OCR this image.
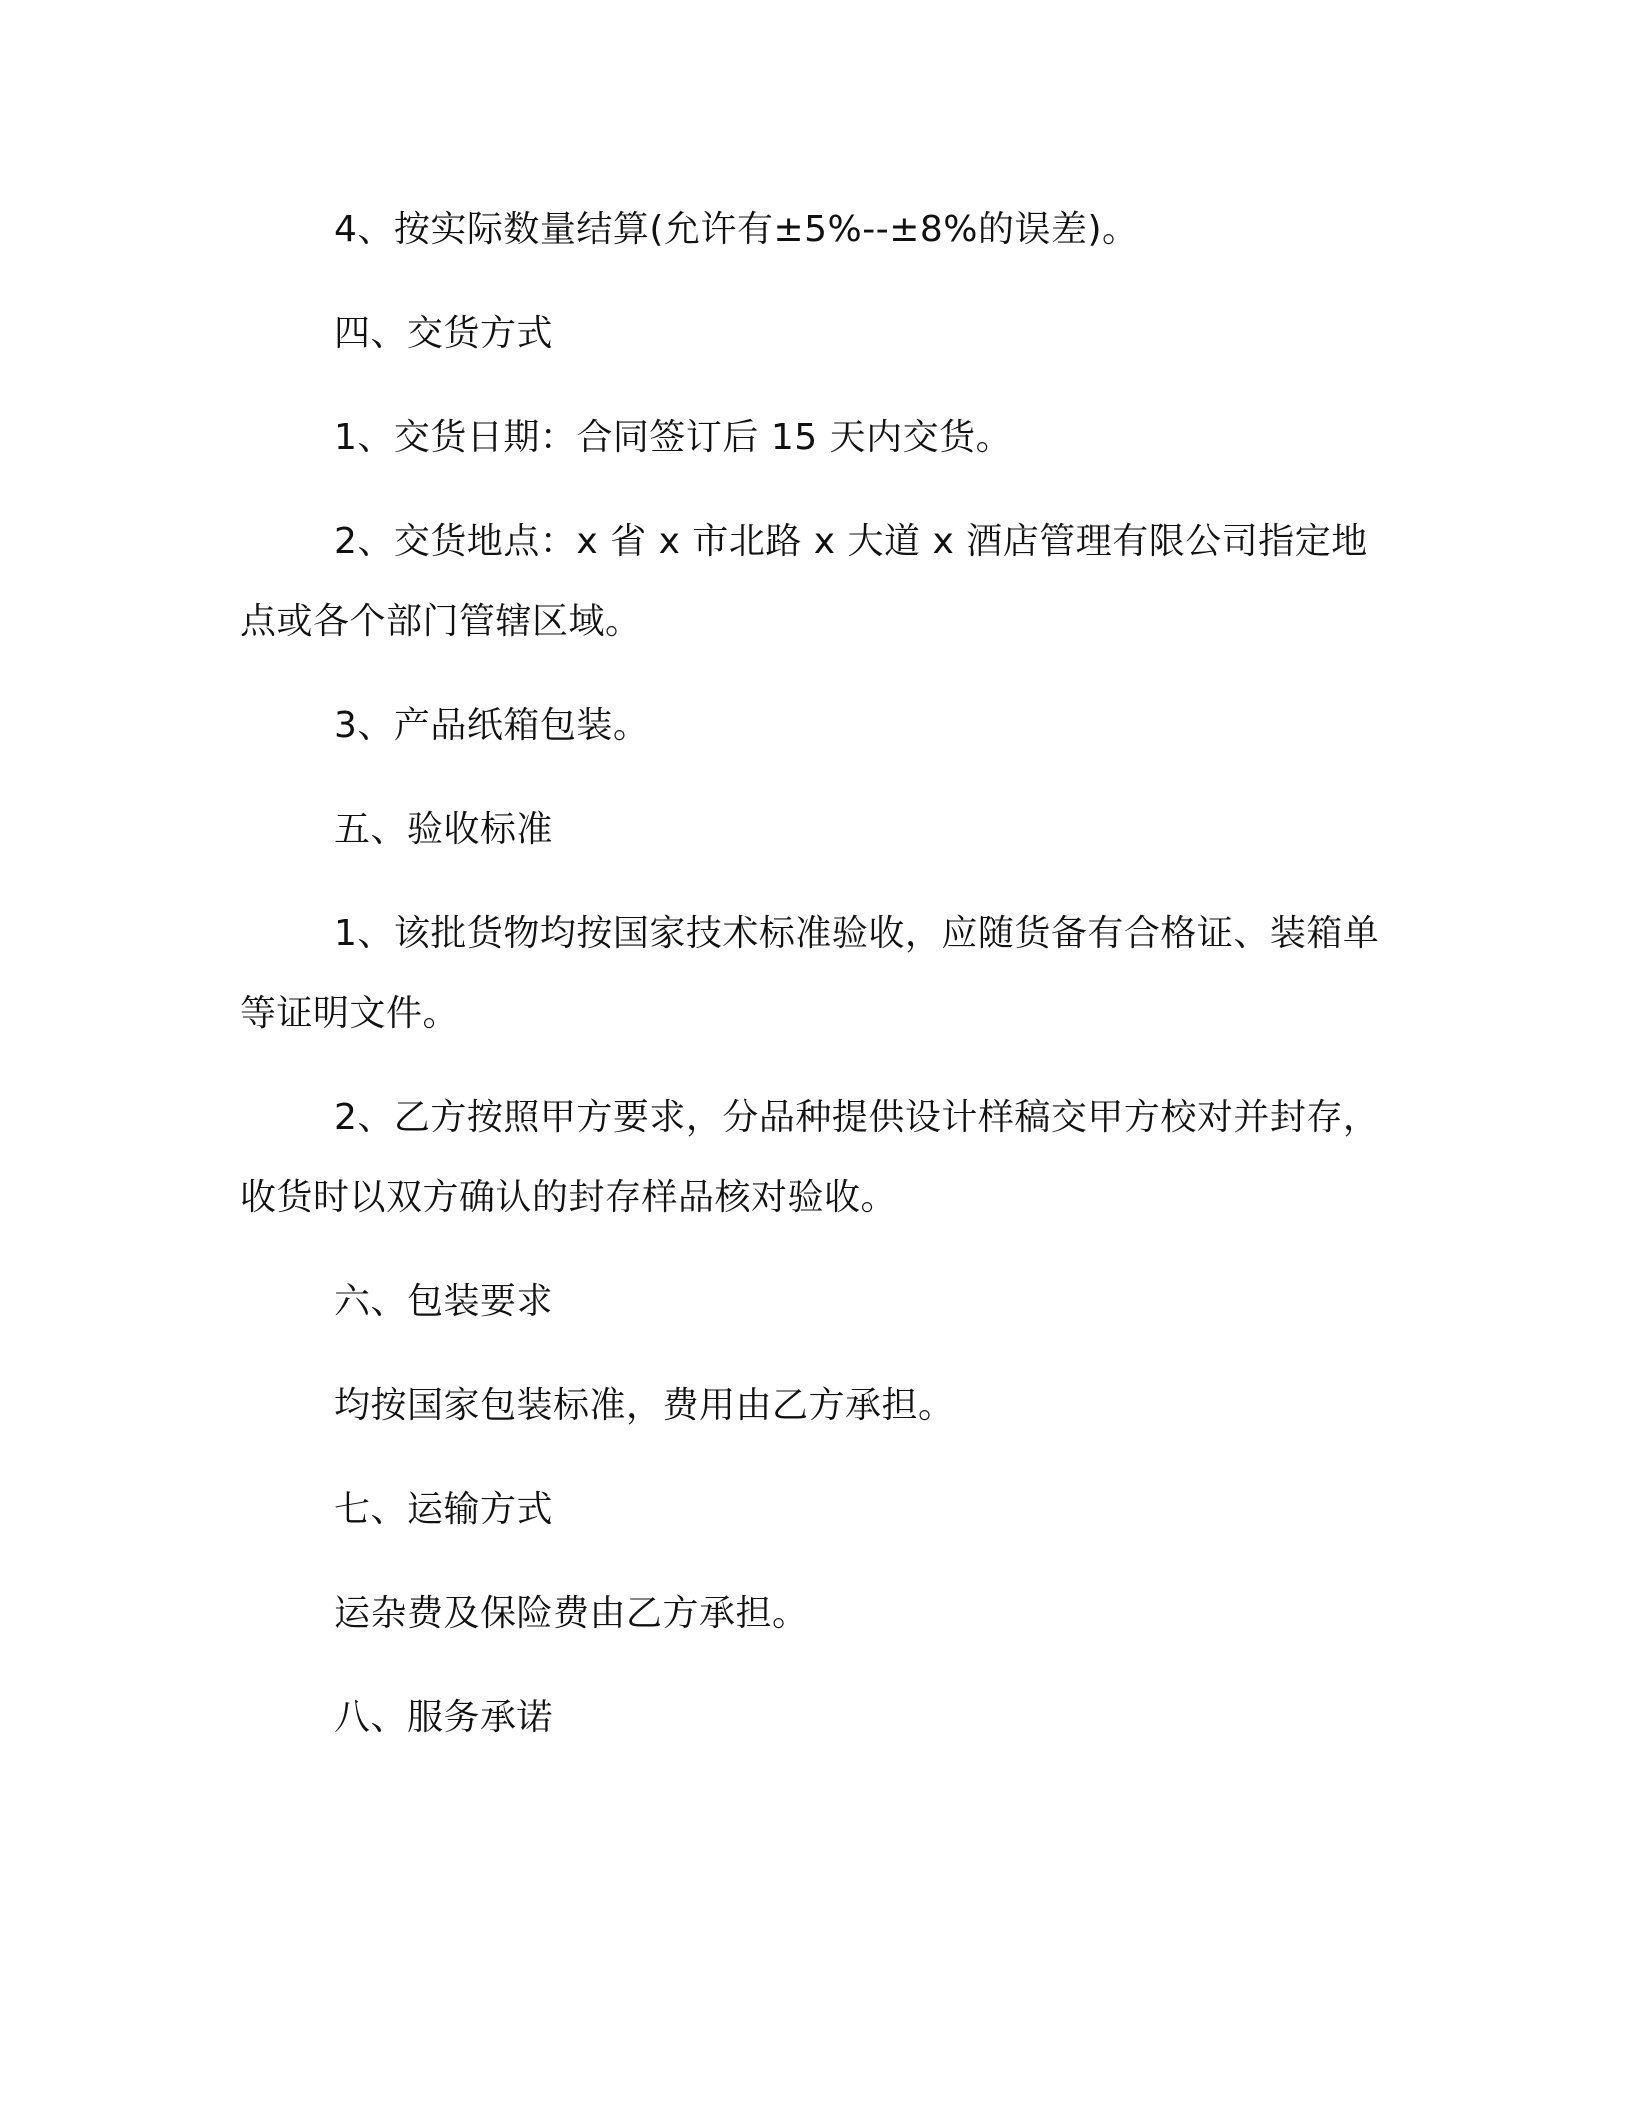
4、按实际数量结算(允许有±5%--±8%的误差)。

四、交货方式

1、交货日期：合同签订后 15 天内交货。

2、交货地点：x 省 x 市北路 x 大道 x 酒店管理有限公司指定地点或各个部门管辖区域。

3、产品纸箱包装。

五、验收标准

1、该批货物均按国家技术标准验收，应随货备有合格证、装箱单等证明文件。

2、乙方按照甲方要求，分品种提供设计样稿交甲方校对并封存，收货时以双方确认的封存样品核对验收。

六、包装要求

均按国家包装标准，费用由乙方承担。

七、运输方式

运杂费及保险费由乙方承担。

八、服务承诺
